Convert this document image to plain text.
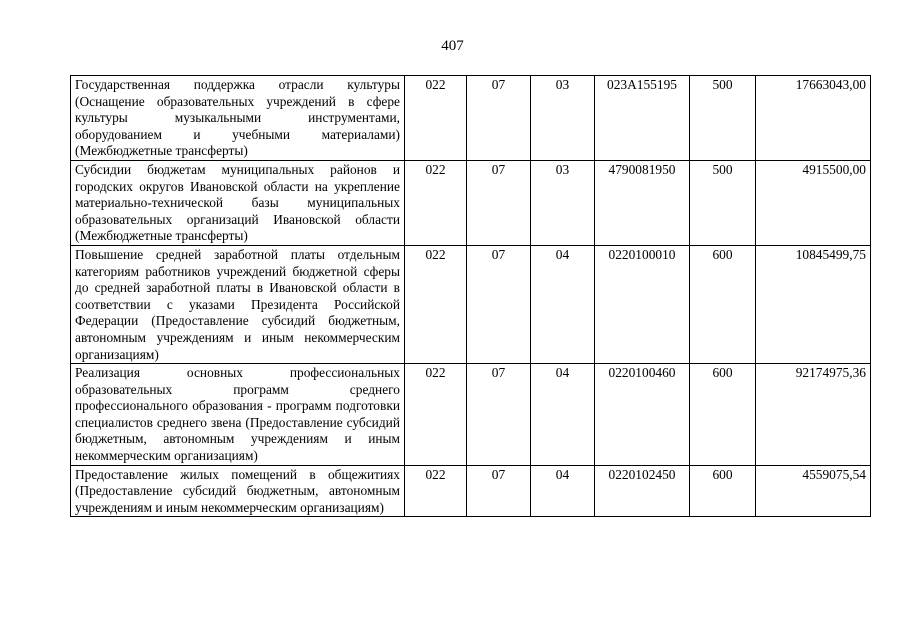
407
Государственная поддержка отрасли культуры (Оснащение образовательных учреждений в сфере культуры музыкальными инструментами, оборудованием и учебными материалами) (Межбюджетные трансферты)	022	07	03	023А155195	500	17663043,00
Субсидии бюджетам муниципальных районов и городских округов Ивановской области на укрепление материально-технической базы муниципальных образовательных организаций Ивановской области (Межбюджетные трансферты)	022	07	03	4790081950	500	4915500,00
Повышение средней заработной платы отдельным категориям работников учреждений бюджетной сферы до средней заработной платы в Ивановской области в соответствии с указами Президента Российской Федерации (Предоставление субсидий бюджетным, автономным учреждениям и иным некоммерческим организациям)	022	07	04	0220100010	600	10845499,75
Реализация основных профессиональных образовательных программ среднего профессионального образования - программ подготовки специалистов среднего звена (Предоставление субсидий бюджетным, автономным учреждениям и иным некоммерческим организациям)	022	07	04	0220100460	600	92174975,36
Предоставление жилых помещений в общежитиях (Предоставление субсидий бюджетным, автономным учреждениям и иным некоммерческим организациям)	022	07	04	0220102450	600	4559075,54
